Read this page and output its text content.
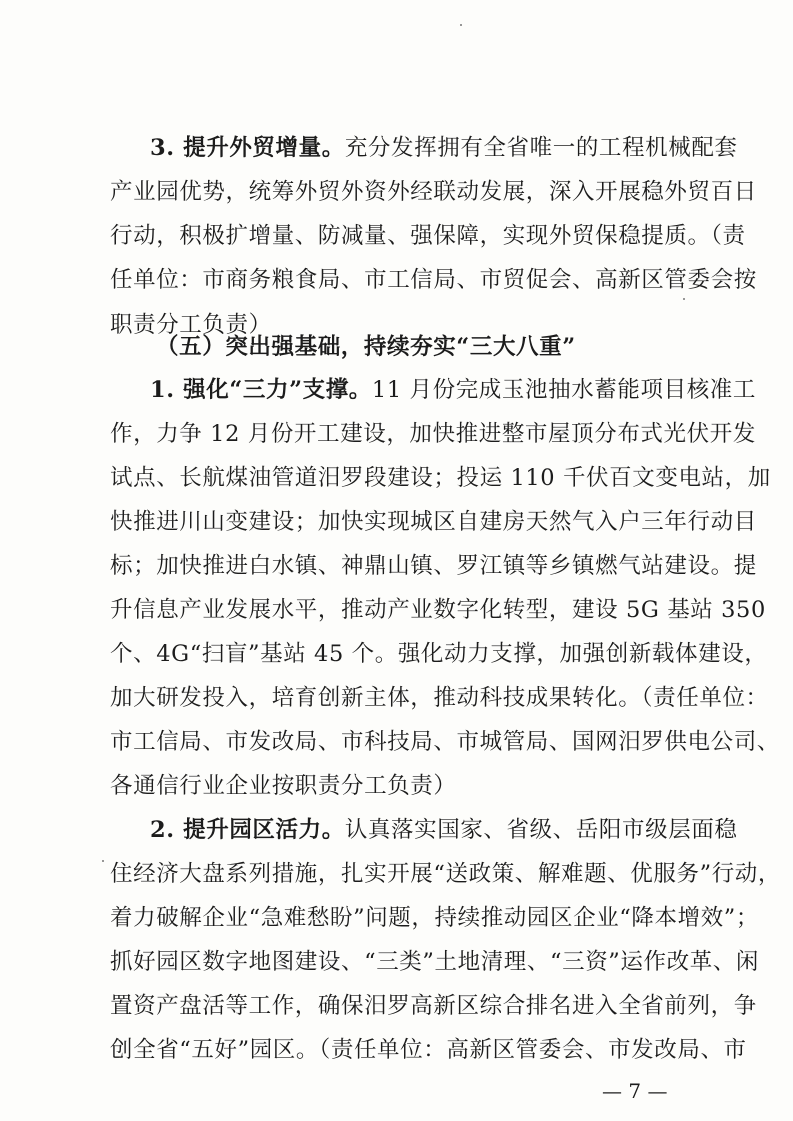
3. 提升外贸增量。充分发挥拥有全省唯一的工程机械配套
产业园优势，统筹外贸外资外经联动发展，深入开展稳外贸百日
行动，积极扩增量、防减量、强保障，实现外贸保稳提质。（责
任单位：市商务粮食局、市工信局、市贸促会、高新区管委会按
职责分工负责）
（五）突出强基础，持续夯实“三大八重”
1. 强化“三力”支撑。11 月份完成玉池抽水蓄能项目核准工
作，力争 12 月份开工建设，加快推进整市屋顶分布式光伏开发
试点、长航煤油管道汨罗段建设；投运 110 千伏百文变电站，加
快推进川山变建设；加快实现城区自建房天然气入户三年行动目
标；加快推进白水镇、神鼎山镇、罗江镇等乡镇燃气站建设。提
升信息产业发展水平，推动产业数字化转型，建设 5G 基站 350
个、4G“扫盲”基站 45 个。强化动力支撑，加强创新载体建设，
加大研发投入，培育创新主体，推动科技成果转化。（责任单位：
市工信局、市发改局、市科技局、市城管局、国网汨罗供电公司、
各通信行业企业按职责分工负责）
2. 提升园区活力。认真落实国家、省级、岳阳市级层面稳
住经济大盘系列措施，扎实开展“送政策、解难题、优服务”行动，
着力破解企业“急难愁盼”问题，持续推动园区企业“降本增效”；
抓好园区数字地图建设、“三类”土地清理、“三资”运作改革、闲
置资产盘活等工作，确保汨罗高新区综合排名进入全省前列，争
创全省“五好”园区。（责任单位：高新区管委会、市发改局、市
— 7 —
